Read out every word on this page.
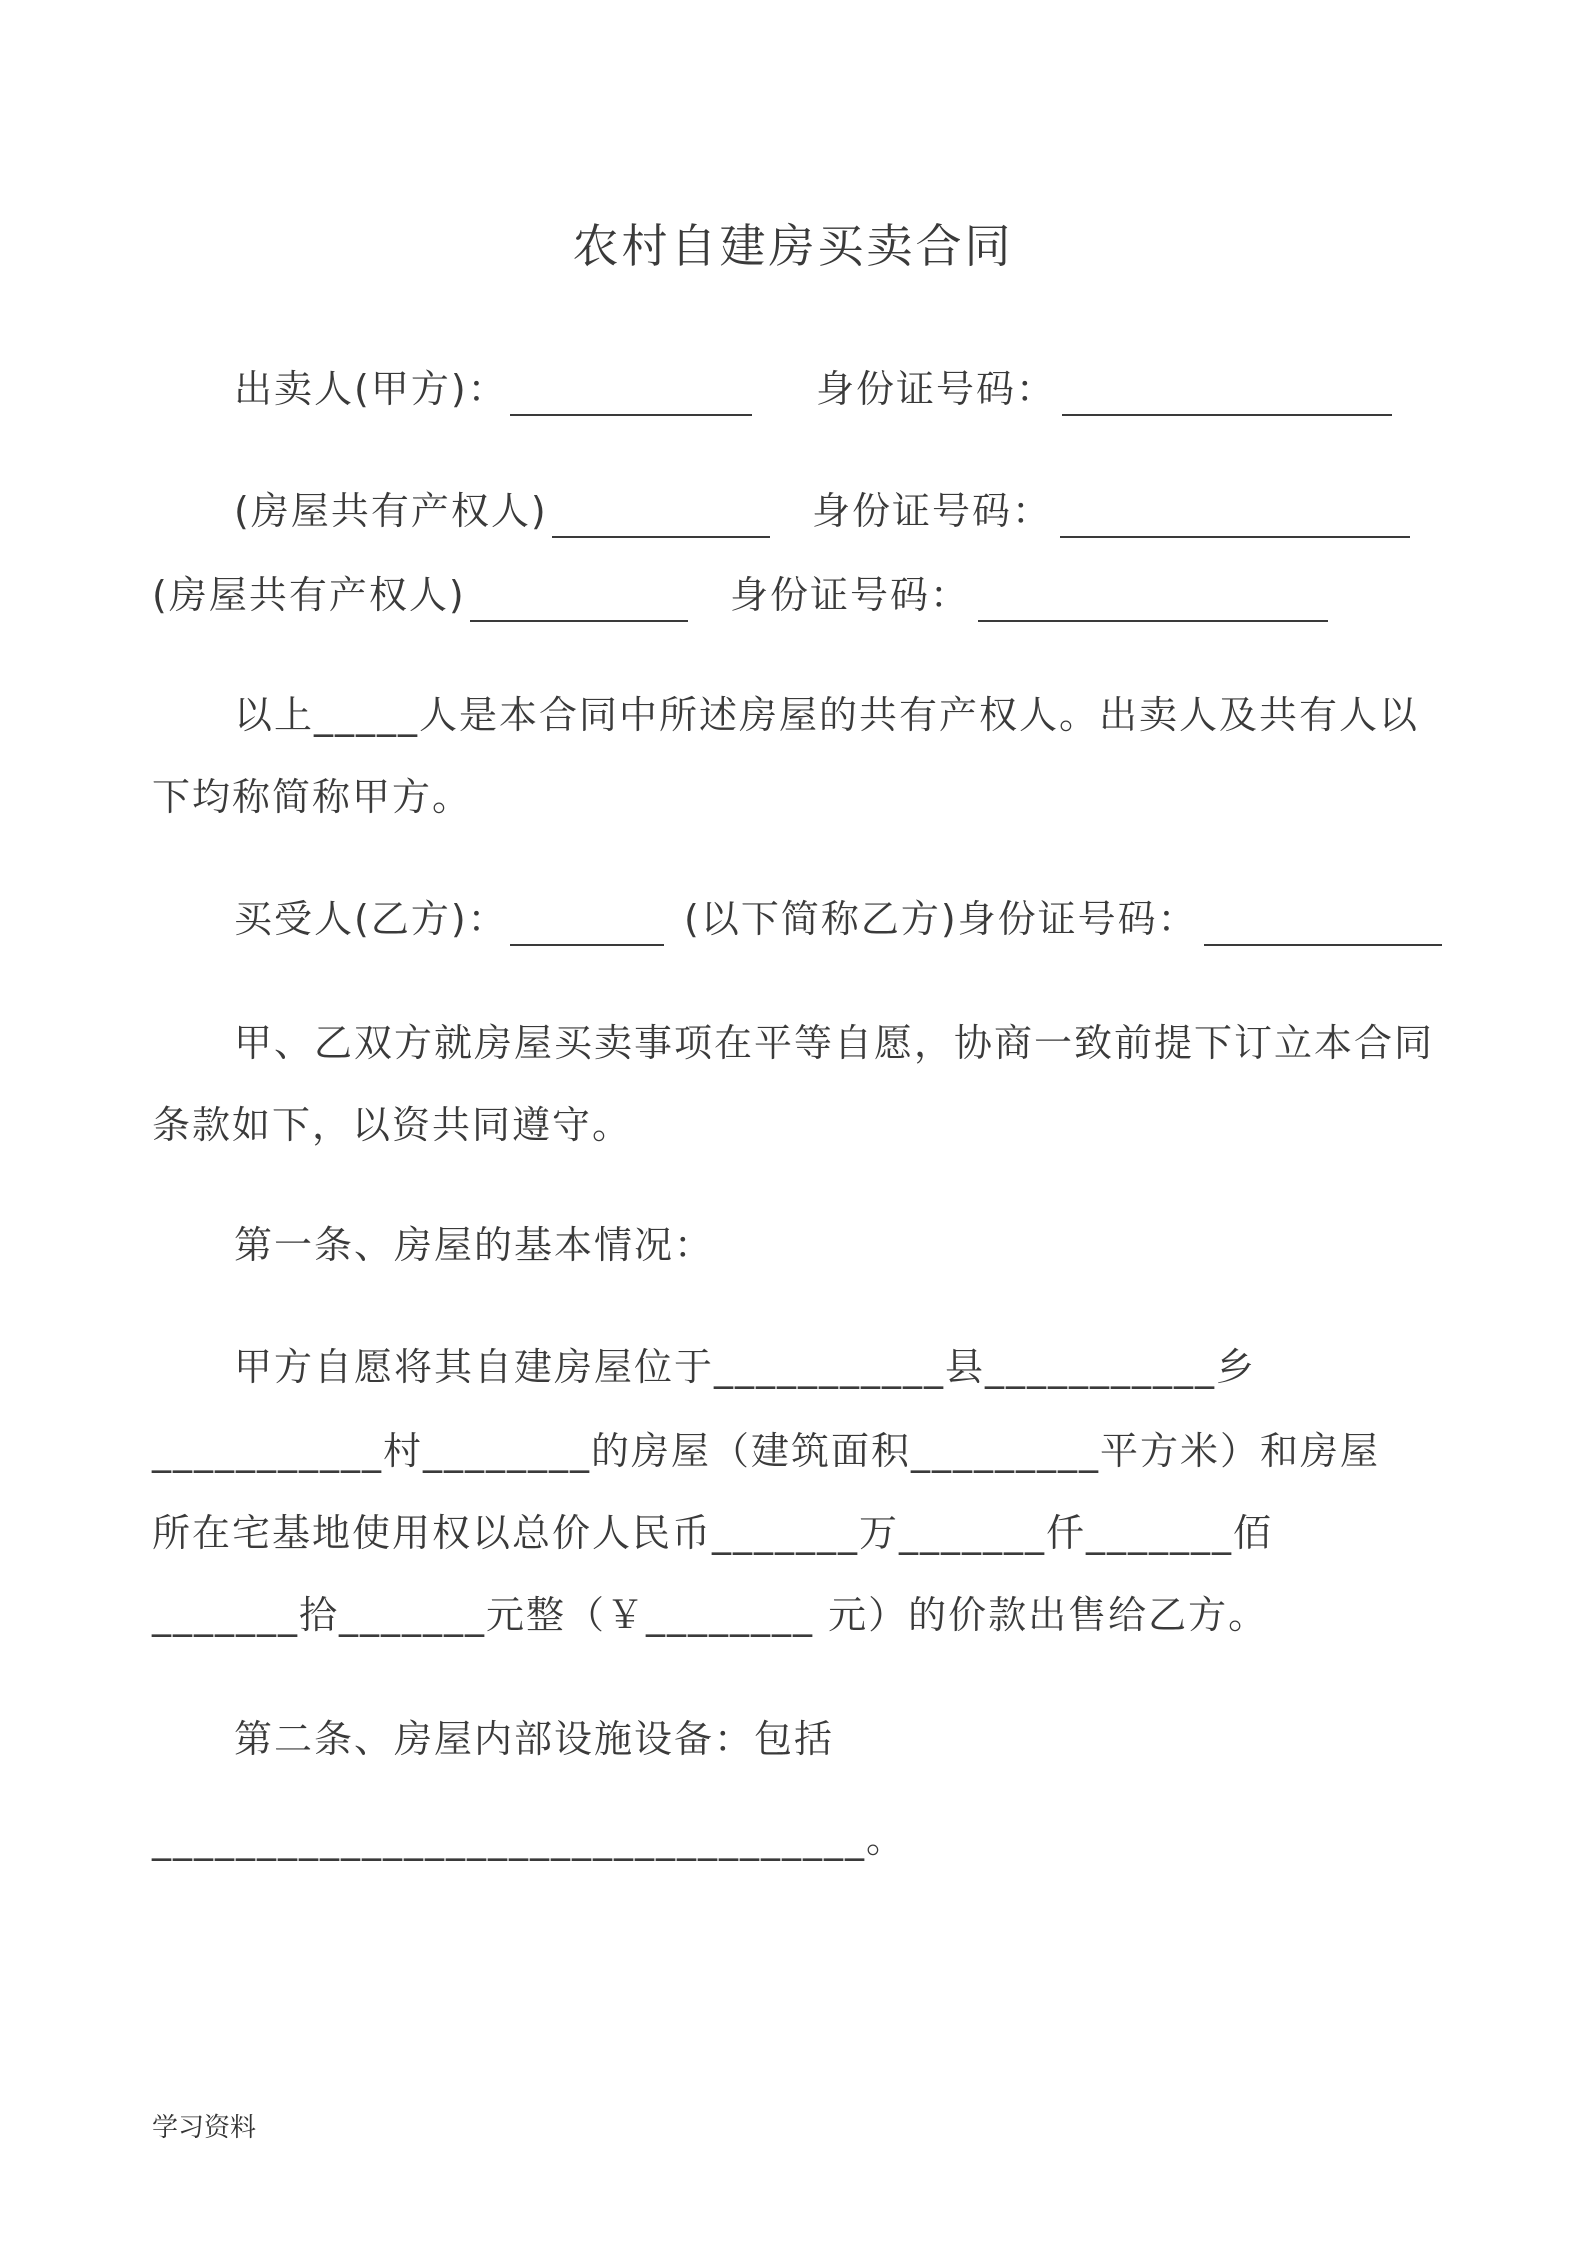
农村自建房买卖合同
出卖人(甲方)：	身份证号码：
(房屋共有产权人)	身份证号码：
(房屋共有产权人)	身份证号码：
以上_____人是本合同中所述房屋的共有产权人。出卖人及共有人以
下均称简称甲方。
买受人(乙方)：	(以下简称乙方)身份证号码：
甲、乙双方就房屋买卖事项在平等自愿，协商一致前提下订立本合同
条款如下，以资共同遵守。
第一条、房屋的基本情况：
甲方自愿将其自建房屋位于___________县___________乡
___________村________的房屋（建筑面积_________平方米）和房屋
所在宅基地使用权以总价人民币_______万_______仟_______佰
_______拾_______元整（￥________ 元）的价款出售给乙方。
第二条、房屋内部设施设备：包括
__________________________________。
学习资料
